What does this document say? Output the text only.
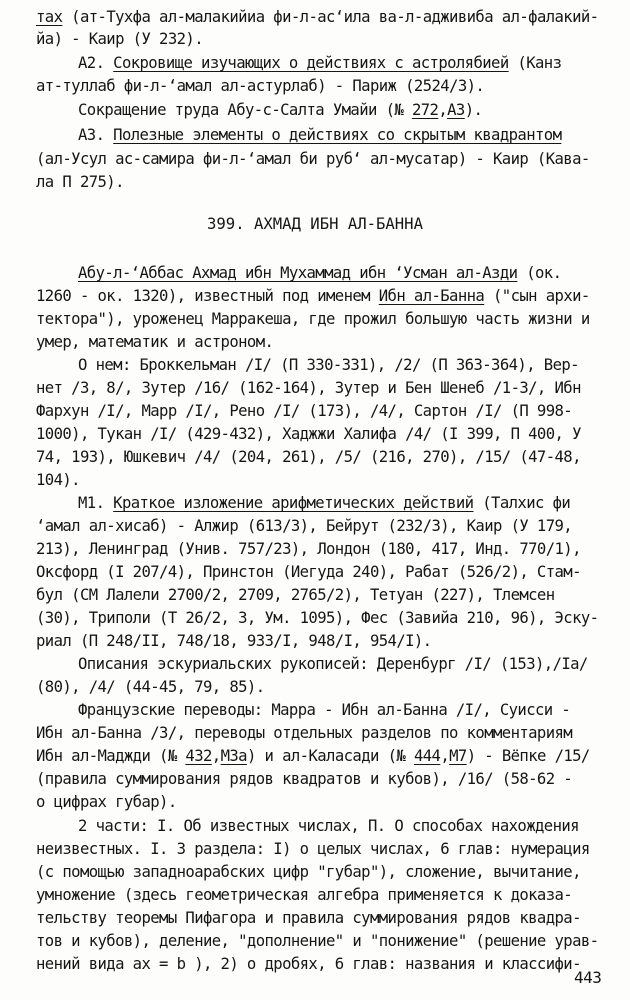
тах (ат-Тухфа ал-малакийиа фи-л-ас‘ила ва-л-адживиба ал-фалакий-
йа) - Каир (У 232).
А2. Сокровище изучающих о действиях с астролябией (Канз
ат-туллаб фи-л-‘амал ал-астурлаб) - Париж (2524/3).
Сокращение труда Абу-с-Салта Умайи (№ 272,А3).
А3. Полезные элементы о действиях со скрытым квадрантом
(ал-Усул ас-самира фи-л-‘амал би руб‘ ал-мусатар) - Каир (Кава-
ла П 275).
399. АХМАД ИБН АЛ-БАННА
Абу-л-‘Аббас Ахмад ибн Мухаммад ибн ‘Усман ал-Азди (ок.
1260 - ок. 1320), известный под именем Ибн ал-Банна ("сын архи-
тектора"), уроженец Марракеша, где прожил большую часть жизни и
умер, математик и астроном.
О нем: Броккельман /I/ (П 330-331), /2/ (П 363-364), Вер-
нет /3, 8/, Зутер /16/ (162-164), Зутер и Бен Шенеб /1-3/, Ибн
Фархун /I/, Марр /I/, Рено /I/ (173), /4/, Сартон /I/ (П 998-
1000), Тукан /I/ (429-432), Хаджжи Халифа /4/ (I 399, П 400, У
74, 193), Юшкевич /4/ (204, 261), /5/ (216, 270), /15/ (47-48,
104).
М1. Краткое изложение арифметических действий (Талхис фи
‘амал ал-хисаб) - Алжир (613/3), Бейрут (232/3), Каир (У 179,
213), Ленинград (Унив. 757/23), Лондон (180, 417, Инд. 770/1),
Оксфорд (I 207/4), Принстон (Иегуда 240), Рабат (526/2), Стам-
бул (СМ Лалели 2700/2, 2709, 2765/2), Тетуан (227), Тлемсен
(30), Триполи (Т 26/2, 3, Ум. 1095), Фес (Завийа 210, 96), Эску-
риал (П 248/II, 748/18, 933/I, 948/I, 954/I).
Описания эскуриальских рукописей: Деренбург /I/ (153),/Ia/
(80), /4/ (44-45, 79, 85).
Французские переводы: Марра - Ибн ал-Банна /I/, Суисси -
Ибн ал-Банна /3/, переводы отдельных разделов по комментариям
Ибн ал-Маджди (№ 432,М3а) и ал-Каласади (№ 444,М7) - Вёпке /15/
(правила суммирования рядов квадратов и кубов), /16/ (58-62 -
о цифрах губар).
2 части: I. Об известных числах, П. О способах нахождения
неизвестных. I. 3 раздела: I) о целых числах, 6 глав: нумерация
(с помощью западноарабских цифр "губар"), сложение, вычитание,
умножение (здесь геометрическая алгебра применяется к доказа-
тельству теоремы Пифагора и правила суммирования рядов квадра-
тов и кубов), деление, "дополнение" и "понижение" (решение урав-
нений вида ax = b ), 2) о дробях, 6 глав: названия и классифи-
443
